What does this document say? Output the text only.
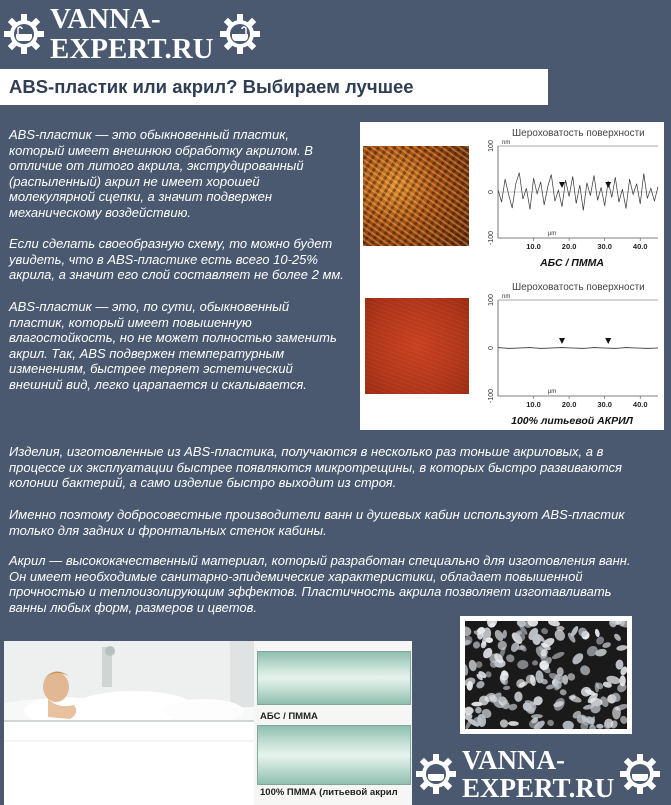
VANNA-
EXPERT.RU
ABS-пластик или акрил? Выбираем лучшее

ABS-пластик — это обыкновенный пластик,
который имеет внешнюю обработку акрилом. В
отличие от литого акрила, экструдированный
(распыленный) акрил не имеет хорошей
молекулярной сцепки, а значит подвержен
механическому воздействию.

Если сделать своеобразную схему, то можно будет
увидеть, что в ABS-пластике есть всего 10-25%
акрила, а значит его слой составляет не более 2 мм.

ABS-пластик — это, по сути, обыкновенный
пластик, который имеет повышенную
влагостойкость, но не может полностью заменить
акрил. Так, ABS подвержен температурным
изменениям, быстрее теряет эстетический
внешний вид, легко царапается и скалывается.

Шероховатость поверхности
100
0
-100
nm
10.0	20.0	30.0	40.0
µm
АБС / ПММА
Шероховатость поверхности
100
0
-100
nm
10.0	20.0	30.0	40.0
µm
100% литьевой АКРИЛ

Изделия, изготовленные из ABS-пластика, получаются в несколько раз тоньше акриловых, а в
процессе их эксплуатации быстрее появляются микротрещины, в которых быстро развиваются
колонии бактерий, а само изделие быстро выходит из строя.

Именно поэтому добросовестные производители ванн и душевых кабин используют ABS-пластик
только для задних и фронтальных стенок кабины.

Акрил — высококачественный материал, который разработан специально для изготовления ванн.
Он имеет необходимые санитарно-эпидемические характеристики, обладает повышенной
прочностью и теплоизолирующим эффектов. Пластичность акрила позволяет изготавливать
ванны любых форм, размеров и цветов.

АБС / ПММА
100% ПММА (литьевой акрил
VANNA-
EXPERT.RU
